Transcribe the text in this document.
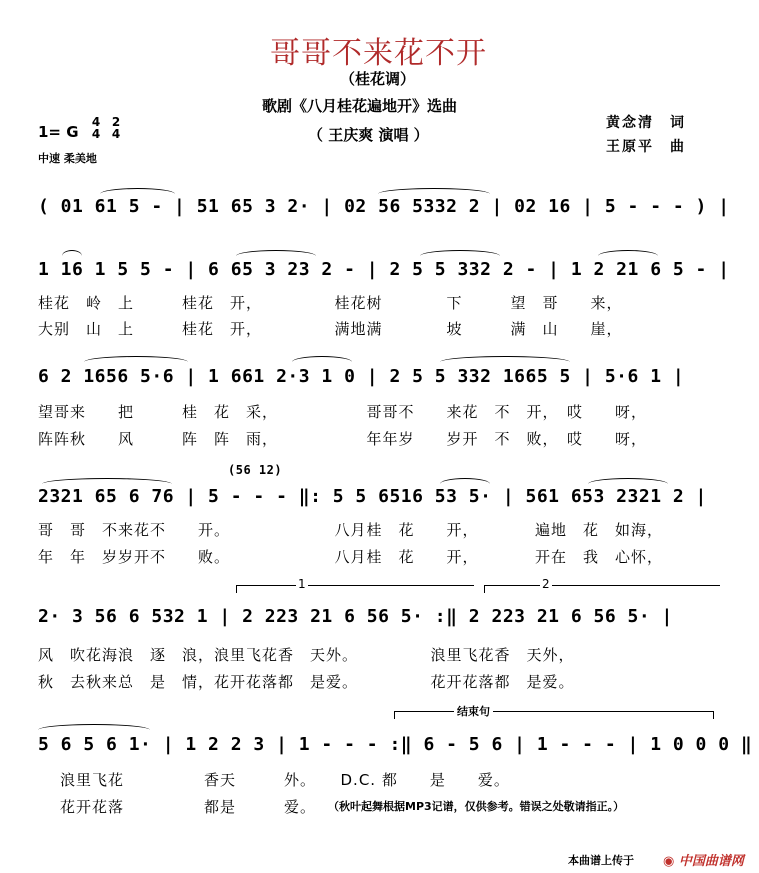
哥哥不来花不开
（桂花调）
歌剧《八月桂花遍地开》选曲
（ 王庆爽 演唱 ）
黄念清　词
王原平　曲
1= G
4
4
2
4
中速 柔美地
( 01 61 5 - | 51 65 3 2· | 02 56 5332 2 | 02 16 | 5 - - - ) |
1 16 1 5 5 - | 6 65 3 23 2 - | 2 5 5 332 2 - | 1 2 21 6 5 - |
桂花　岭　上　　　桂花　开，　　　　　桂花树　　　　下　　　望　哥　　来，
大别　山　上　　　桂花　开，　　　　　满地满　　　　坡　　　满　山　　崖，
6 2 1656 5·6 | 1 661 2·3 1 0 | 2 5 5 332 1665 5 | 5·6 1 |
望哥来　　把　　　桂　花　采，　　　　　　哥哥不　　来花　不　开，　哎　　呀，
阵阵秋　　风　　　阵　阵　雨，　　　　　　年年岁　　岁开　不　败，　哎　　呀，
(56 12)
2321 65 6 76 | 5 - - - ‖: 5 5 6516 53 5· | 561 653 2321 2 |
哥　哥　不来花不　　开。　　　　　　　八月桂　花　　开，　　　　遍地　花　如海，
年　年　岁岁开不　　败。　　　　　　　八月桂　花　　开，　　　　开在　我　心怀，
1	2
2· 3 56 6 532 1 | 2 223 21 6 56 5· :‖ 2 223 21 6 56 5· |
风　吹花海浪　逐　浪，浪里飞花香　天外。　　　　　浪里飞花香　天外，
秋　去秋来总　是　情，花开花落都　是爱。　　　　　花开花落都　是爱。
结束句
5 6 5 6 1· | 1 2 2 3 | 1 - - - :‖ 6 - 5 6 | 1 - - - | 1 0 0 0 ‖
浪里飞花　　　　　香天　　　外。　　D.C. 都　　是　　爱。
花开花落　　　　　都是　　　爱。 （秋叶起舞根据MP3记谱，仅供参考。错误之处敬请指正。）
本曲谱上传于 ◉ 中国曲谱网
